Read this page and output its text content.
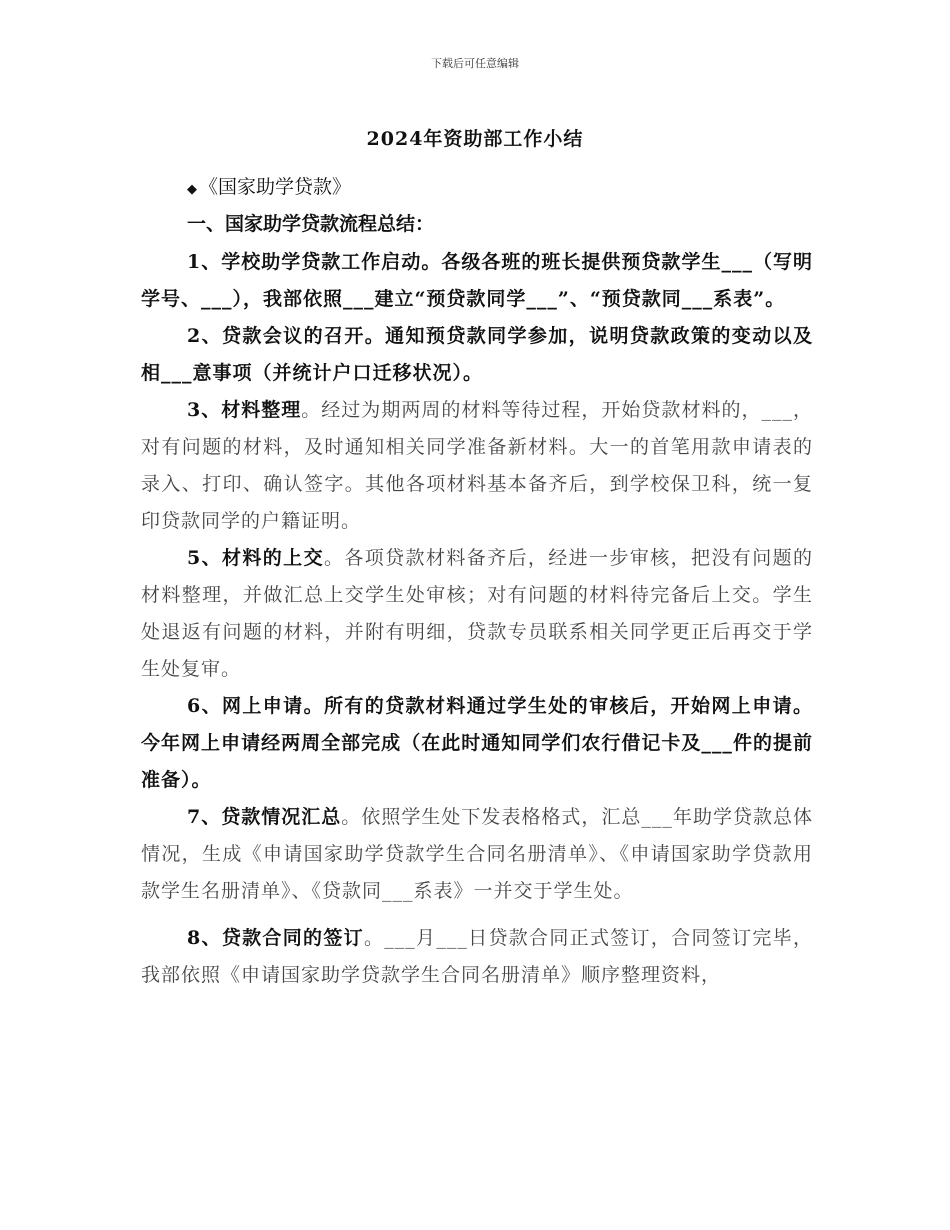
下载后可任意编辑
2024年资助部工作小结
◆ 《国家助学贷款》
一、国家助学贷款流程总结：

1、学校助学贷款工作启动。各级各班的班长提供预贷款学生___（写明学号、___），我部依照___建立“预贷款同学___”、“预贷款同___系表”。

2、贷款会议的召开。通知预贷款同学参加，说明贷款政策的变动以及相___意事项（并统计户口迁移状况）。

3、材料整理。经过为期两周的材料等待过程，开始贷款材料的，___，对有问题的材料，及时通知相关同学准备新材料。大一的首笔用款申请表的录入、打印、确认签字。其他各项材料基本备齐后，到学校保卫科，统一复印贷款同学的户籍证明。

5、材料的上交。各项贷款材料备齐后，经进一步审核，把没有问题的材料整理，并做汇总上交学生处审核；对有问题的材料待完备后上交。学生处退返有问题的材料，并附有明细，贷款专员联系相关同学更正后再交于学生处复审。

6、网上申请。所有的贷款材料通过学生处的审核后，开始网上申请。今年网上申请经两周全部完成（在此时通知同学们农行借记卡及___件的提前准备）。

7、贷款情况汇总。依照学生处下发表格格式，汇总___年助学贷款总体情况，生成《申请国家助学贷款学生合同名册清单》、《申请国家助学贷款用款学生名册清单》、《贷款同___系表》一并交于学生处。

8、贷款合同的签订。___月___日贷款合同正式签订，合同签订完毕，我部依照《申请国家助学贷款学生合同名册清单》顺序整理资料，
